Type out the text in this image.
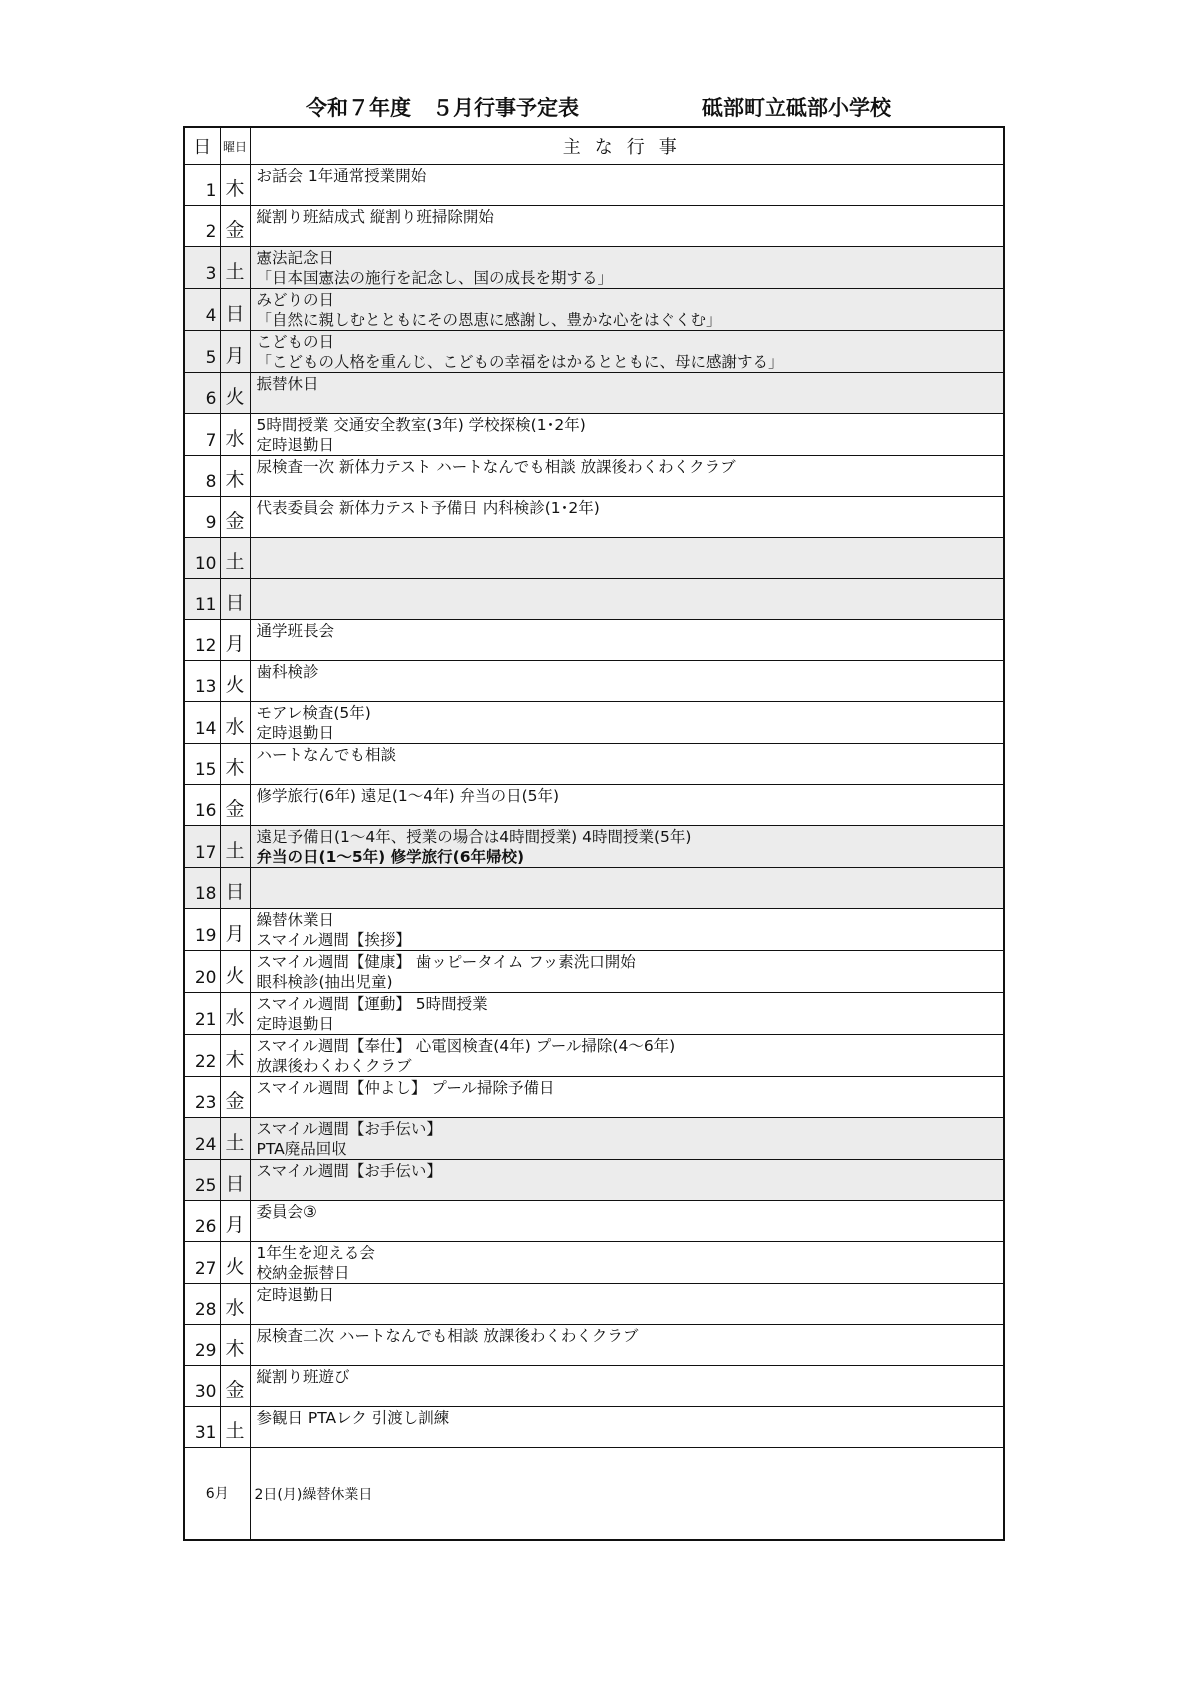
令和７年度　５月行事予定表	砥部町立砥部小学校
日	曜日	主な行事
1	木	お話会 1年通常授業開始

2	金	縦割り班結成式 縦割り班掃除開始

3	土	憲法記念日
「日本国憲法の施行を記念し、国の成長を期する」

4	日	みどりの日
「自然に親しむとともにその恩恵に感謝し、豊かな心をはぐくむ」

5	月	こどもの日
「こどもの人格を重んじ、こどもの幸福をはかるとともに、母に感謝する」

6	火	振替休日

7	水	5時間授業 交通安全教室(3年) 学校探検(1･2年)
定時退勤日

8	木	尿検査一次 新体力テスト ハートなんでも相談 放課後わくわくクラブ

9	金	代表委員会 新体力テスト予備日 内科検診(1･2年)

10	土	
11	日	
12	月	通学班長会

13	火	歯科検診

14	水	モアレ検査(5年)
定時退勤日

15	木	ハートなんでも相談

16	金	修学旅行(6年) 遠足(1～4年) 弁当の日(5年)

17	土	遠足予備日(1～4年、授業の場合は4時間授業) 4時間授業(5年)
弁当の日(1～5年) 修学旅行(6年帰校)

18	日	
19	月	繰替休業日
スマイル週間【挨拶】

20	火	スマイル週間【健康】 歯ッピータイム フッ素洗口開始
眼科検診(抽出児童)

21	水	スマイル週間【運動】 5時間授業
定時退勤日

22	木	スマイル週間【奉仕】 心電図検査(4年) プール掃除(4～6年)
放課後わくわくクラブ

23	金	スマイル週間【仲よし】 プール掃除予備日

24	土	スマイル週間【お手伝い】
PTA廃品回収

25	日	スマイル週間【お手伝い】

26	月	委員会③

27	火	1年生を迎える会
校納金振替日

28	水	定時退勤日

29	木	尿検査二次 ハートなんでも相談 放課後わくわくクラブ

30	金	縦割り班遊び

31	土	参観日 PTAレク 引渡し訓練

6月		2日(月)繰替休業日
